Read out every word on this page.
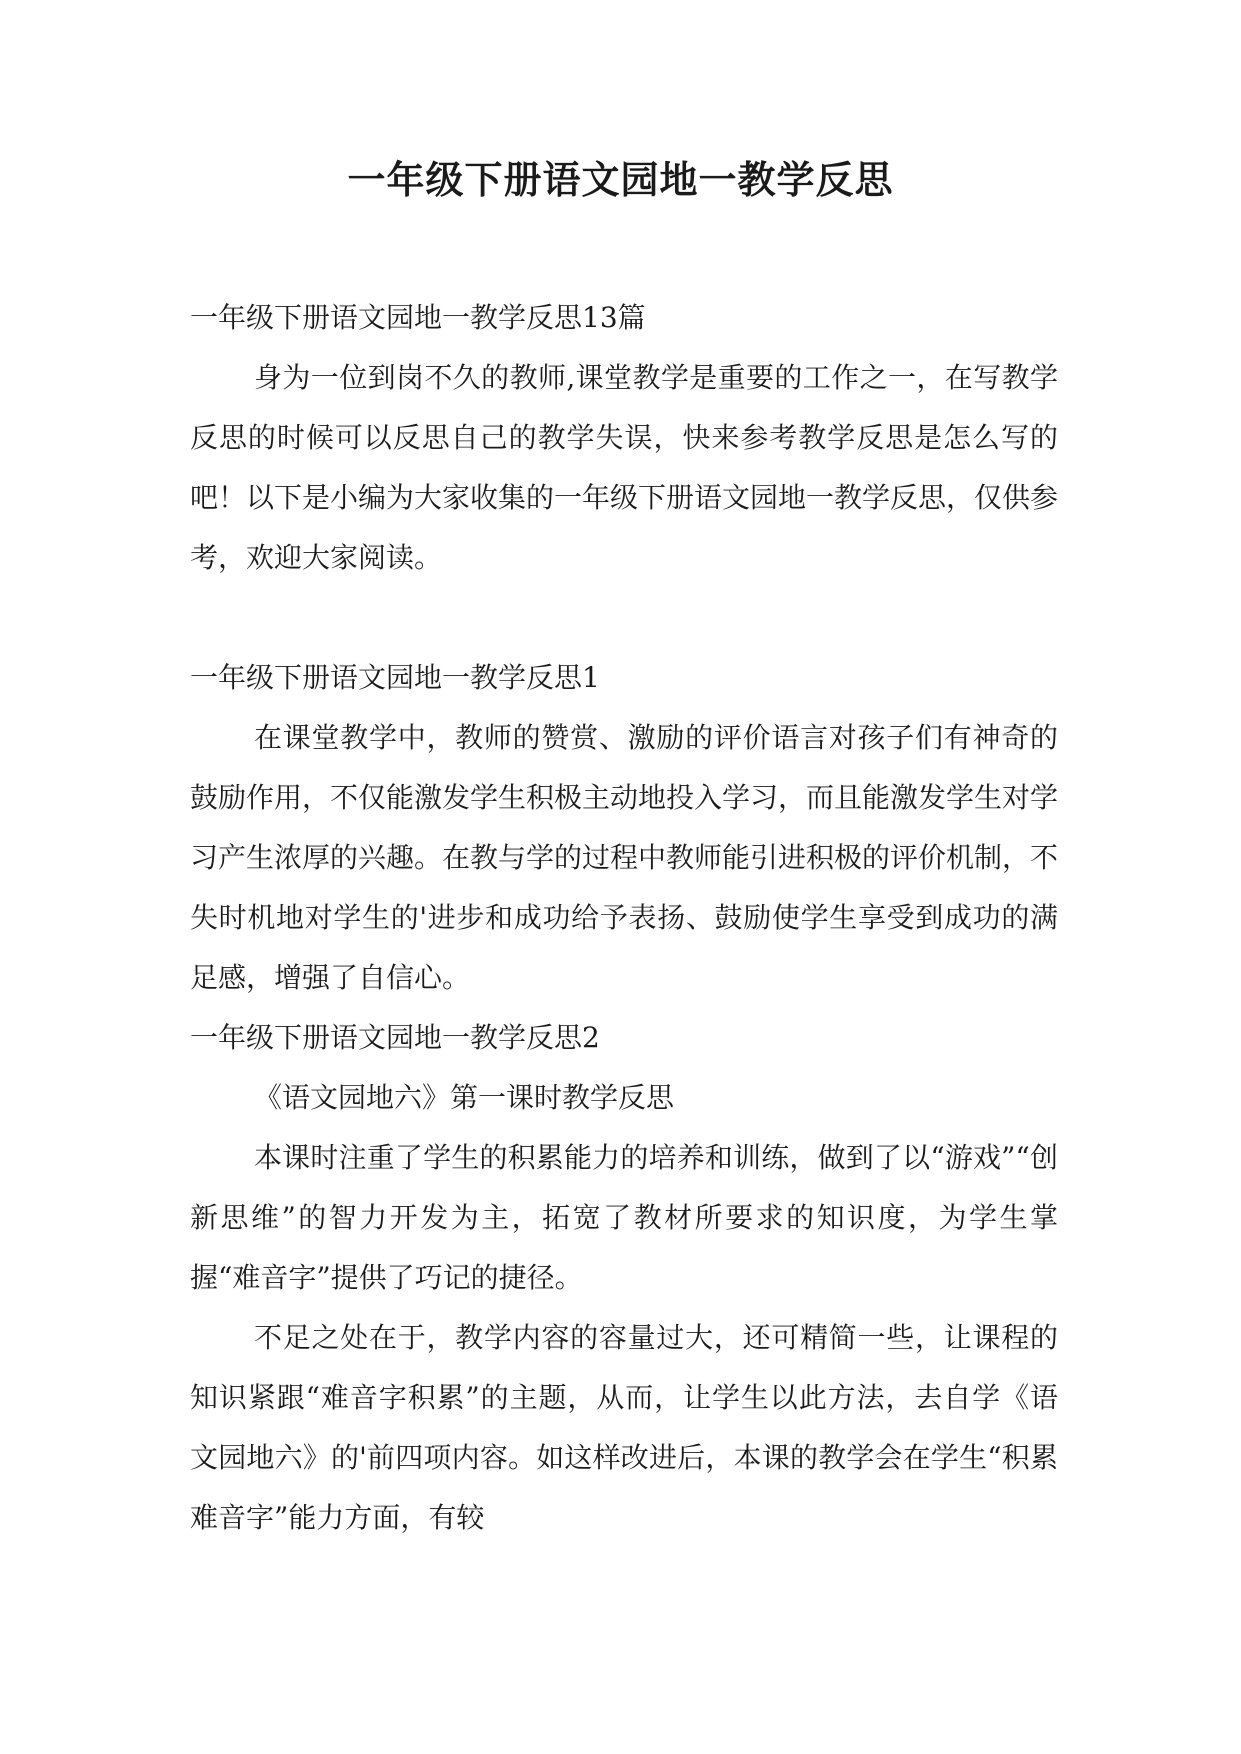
一年级下册语文园地一教学反思

一年级下册语文园地一教学反思13篇

身为一位到岗不久的教师,课堂教学是重要的工作之一，在写教学反思的时候可以反思自己的教学失误，快来参考教学反思是怎么写的吧！以下是小编为大家收集的一年级下册语文园地一教学反思，仅供参考，欢迎大家阅读。

一年级下册语文园地一教学反思1

在课堂教学中，教师的赞赏、激励的评价语言对孩子们有神奇的鼓励作用，不仅能激发学生积极主动地投入学习，而且能激发学生对学习产生浓厚的兴趣。在教与学的过程中教师能引进积极的评价机制，不失时机地对学生的'进步和成功给予表扬、鼓励使学生享受到成功的满足感，增强了自信心。

一年级下册语文园地一教学反思2

《语文园地六》第一课时教学反思

本课时注重了学生的积累能力的培养和训练，做到了以“游戏”“创新思维”的智力开发为主，拓宽了教材所要求的知识度，为学生掌握“难音字”提供了巧记的捷径。

不足之处在于，教学内容的容量过大，还可精简一些，让课程的知识紧跟“难音字积累”的主题，从而，让学生以此方法，去自学《语文园地六》的'前四项内容。如这样改进后，本课的教学会在学生“积累难音字”能力方面，有较
